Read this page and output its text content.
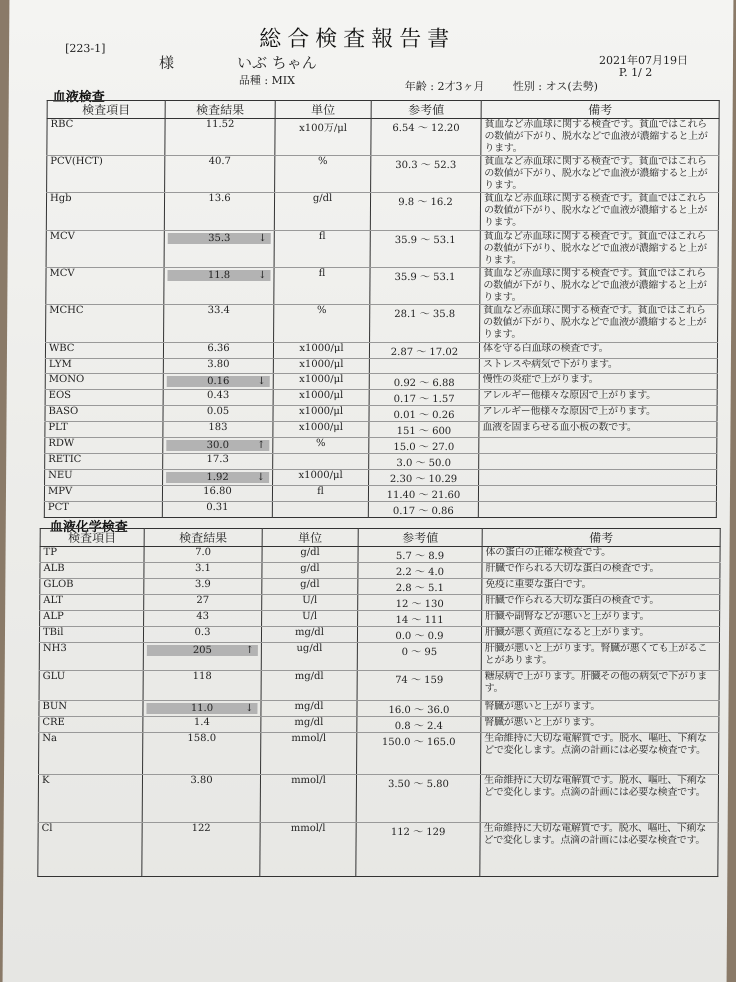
総合検査報告書
[223-1]
様	いぶ ちゃん
品種 : MIX
2021年07月19日
P. 1/ 2
年齢 : 2才3ヶ月	性別 : オス(去勢)
血液検査
検査項目	検査結果	単位	参考値	備考
RBC	11.52	x100万/μl	6.54 ～ 12.20	貧血など赤血球に関する検査です。貧血ではこれらの数値が下がり、脱水などで血液が濃縮すると上がります。
PCV(HCT)	40.7	%	30.3 ～ 52.3	貧血など赤血球に関する検査です。貧血ではこれらの数値が下がり、脱水などで血液が濃縮すると上がります。
Hgb	13.6	g/dl	9.8 ～ 16.2	貧血など赤血球に関する検査です。貧血ではこれらの数値が下がり、脱水などで血液が濃縮すると上がります。
MCV	35.3 ↓	fl	35.9 ～ 53.1	貧血など赤血球に関する検査です。貧血ではこれらの数値が下がり、脱水などで血液が濃縮すると上がります。
MCV	11.8 ↓	fl	35.9 ～ 53.1	貧血など赤血球に関する検査です。貧血ではこれらの数値が下がり、脱水などで血液が濃縮すると上がります。
MCHC	33.4	%	28.1 ～ 35.8	貧血など赤血球に関する検査です。貧血ではこれらの数値が下がり、脱水などで血液が濃縮すると上がります。
WBC	6.36	x1000/μl	2.87 ～ 17.02	体を守る白血球の検査です。
LYM	3.80	x1000/μl		ストレスや病気で下がります。
MONO	0.16 ↓	x1000/μl	0.92 ～ 6.88	慢性の炎症で上がります。
EOS	0.43	x1000/μl	0.17 ～ 1.57	アレルギー他様々な原因で上がります。
BASO	0.05	x1000/μl	0.01 ～ 0.26	アレルギー他様々な原因で上がります。
PLT	183	x1000/μl	151 ～ 600	血液を固まらせる血小板の数です。
RDW	30.0 ↑	%	15.0 ～ 27.0	
RETIC	17.3		3.0 ～ 50.0	
NEU	1.92 ↓	x1000/μl	2.30 ～ 10.29	
MPV	16.80	fl	11.40 ～ 21.60	
PCT	0.31		0.17 ～ 0.86	
血液化学検査
検査項目	検査結果	単位	参考値	備考
TP	7.0	g/dl	5.7 ～ 8.9	体の蛋白の正確な検査です。
ALB	3.1	g/dl	2.2 ～ 4.0	肝臓で作られる大切な蛋白の検査です。
GLOB	3.9	g/dl	2.8 ～ 5.1	免疫に重要な蛋白です。
ALT	27	U/l	12 ～ 130	肝臓で作られる大切な蛋白の検査です。
ALP	43	U/l	14 ～ 111	肝臓や副腎などが悪いと上がります。
TBil	0.3	mg/dl	0.0 ～ 0.9	肝臓が悪く黄疸になると上がります。
NH3	205 ↑	ug/dl	0 ～ 95	肝臓が悪いと上がります。腎臓が悪くても上がることがあります。
GLU	118	mg/dl	74 ～ 159	糖尿病で上がります。肝臓その他の病気で下がります。
BUN	11.0 ↓	mg/dl	16.0 ～ 36.0	腎臓が悪いと上がります。
CRE	1.4	mg/dl	0.8 ～ 2.4	腎臓が悪いと上がります。
Na	158.0	mmol/l	150.0 ～ 165.0	生命維持に大切な電解質です。脱水、嘔吐、下痢などで変化します。点滴の計画には必要な検査です。
K	3.80	mmol/l	3.50 ～ 5.80	生命維持に大切な電解質です。脱水、嘔吐、下痢などで変化します。点滴の計画には必要な検査です。
Cl	122	mmol/l	112 ～ 129	生命維持に大切な電解質です。脱水、嘔吐、下痢などで変化します。点滴の計画には必要な検査です。
